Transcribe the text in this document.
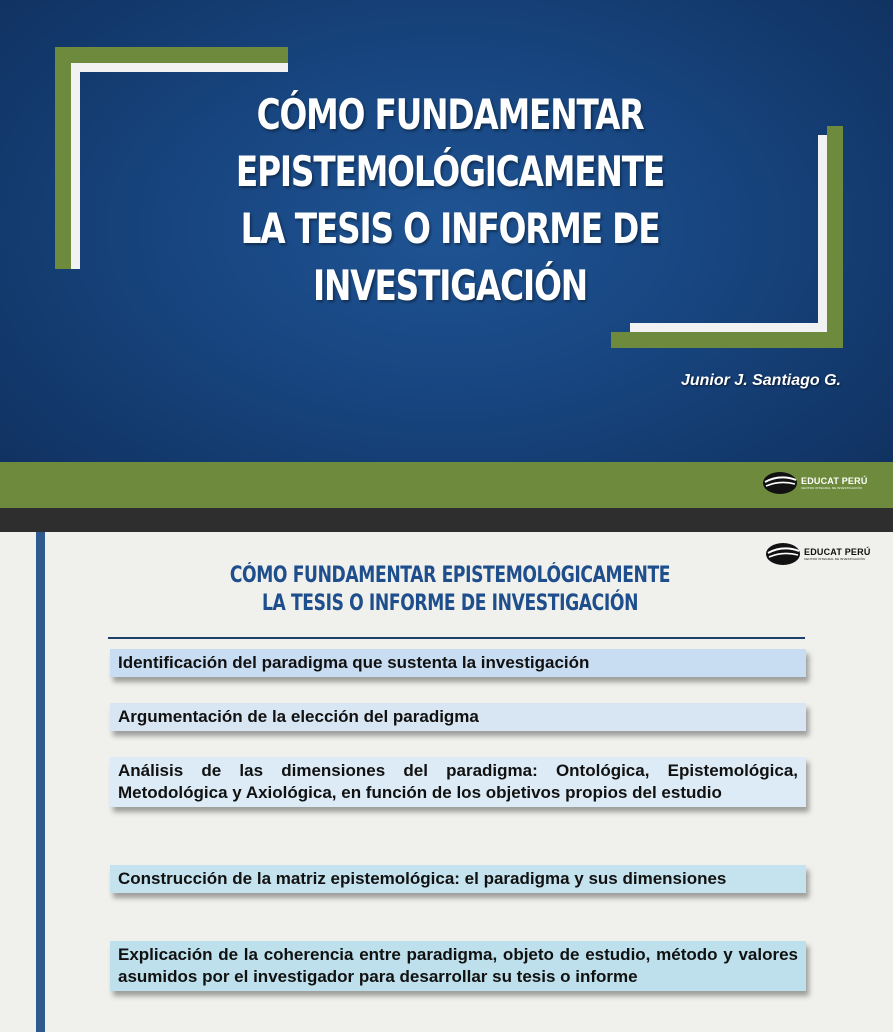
CÓMO FUNDAMENTAR
EPISTEMOLÓGICAMENTE
LA TESIS O INFORME DE
INVESTIGACIÓN
Junior J. Santiago G.
EDUCAT PERÚ
CENTRO INTEGRAL DE INVESTIGACIÓN
EDUCAT PERÚ
CENTRO INTEGRAL DE INVESTIGACIÓN
CÓMO FUNDAMENTAR EPISTEMOLÓGICAMENTE
LA TESIS O INFORME DE INVESTIGACIÓN
Identificación del paradigma que sustenta la investigación
Argumentación de la elección del paradigma
Análisis de las dimensiones del paradigma: Ontológica, Epistemológica, Metodológica y Axiológica, en función de los objetivos propios del estudio
Construcción de la matriz epistemológica: el paradigma y sus dimensiones
Explicación de la coherencia entre paradigma, objeto de estudio, método y valores asumidos por el investigador para desarrollar su tesis o informe
